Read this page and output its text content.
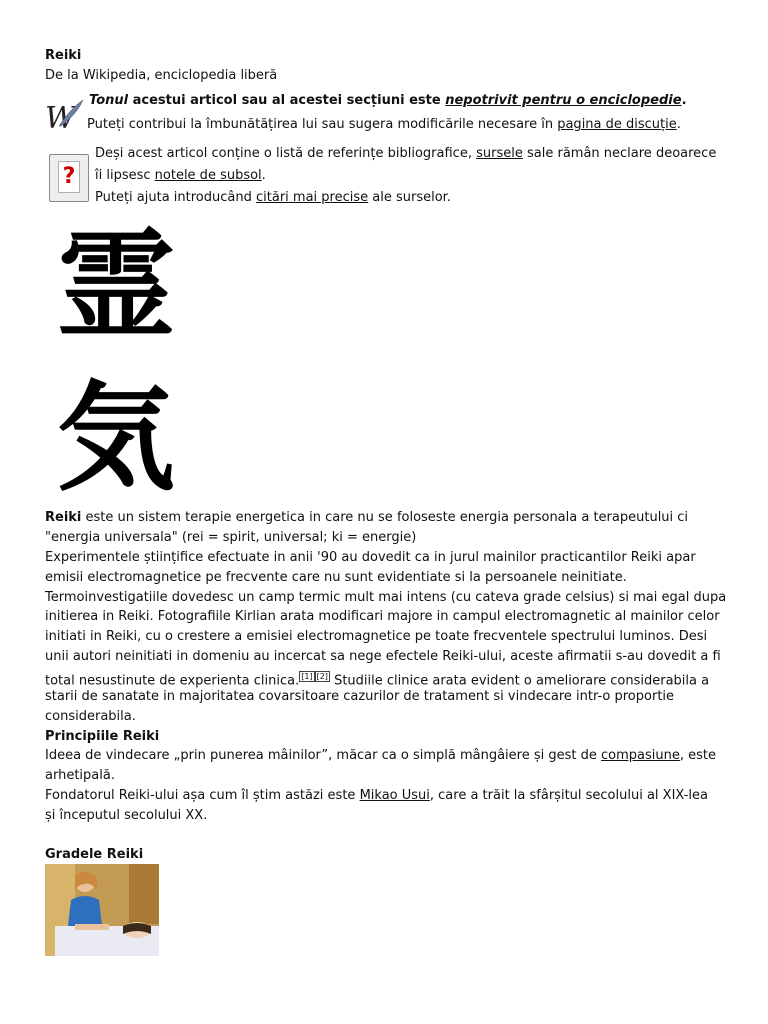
Reiki
De la Wikipedia, enciclopedia liberă
W
Tonul acestui articol sau al acestei secțiuni este nepotrivit pentru o enciclopedie.
Puteți contribui la îmbunătățirea lui sau sugera modificările necesare în pagina de discuție.
?
Deși acest articol conține o listă de referințe bibliografice, sursele sale rămân neclare deoarece
îi lipsesc notele de subsol.
Puteți ajuta introducând citări mai precise ale surselor.
霊
気
Reiki este un sistem terapie energetica in care nu se foloseste energia personala a terapeutului ci
"energia universala" (rei = spirit, universal; ki = energie)
Experimentele științifice efectuate in anii '90 au dovedit ca in jurul mainilor practicantilor Reiki apar
emisii electromagnetice pe frecvente care nu sunt evidentiate si la persoanele neinitiate.
Termoinvestigatiile dovedesc un camp termic mult mai intens (cu cateva grade celsius) si mai egal dupa
initierea in Reiki. Fotografiile Kirlian arata modificari majore in campul electromagnetic al mainilor celor
initiati in Reiki, cu o crestere a emisiei electromagnetice pe toate frecventele spectrului luminos. Desi
unii autori neinitiati in domeniu au incercat sa nege efectele Reiki-ului, aceste afirmatii s-au dovedit a fi
total nesustinute de experienta clinica. [1] [2] Studiile clinice arata evident o ameliorare considerabila a
starii de sanatate in majoritatea covarsitoare cazurilor de tratament si vindecare intr-o proportie
considerabila.
Principiile Reiki
Ideea de vindecare „prin punerea mâinilor”, măcar ca o simplă mângâiere și gest de compasiune, este
arhetipală.
Fondatorul Reiki-ului așa cum îl știm astăzi este Mikao Usui, care a trăit la sfârșitul secolului al XIX-lea
și începutul secolului XX.
Gradele Reiki
